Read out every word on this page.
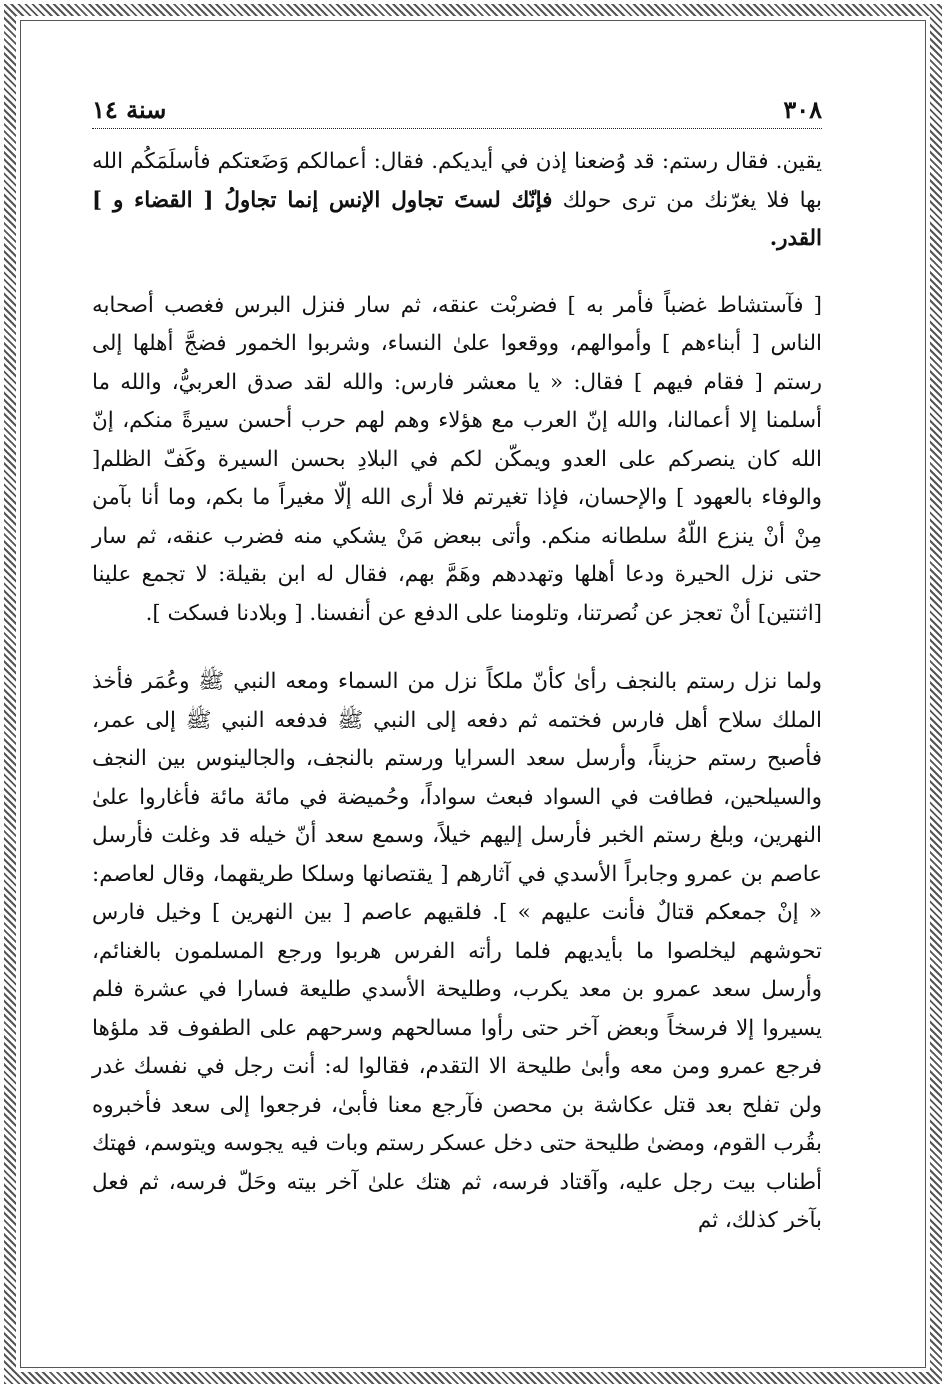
٣٠٨
سنة ١٤

يقين. فقال رستم: قد وُضعنا إذن في أيديكم. فقال: أعمالكم وَضَعتكم فأسلَمَكُم الله بها فلا يغرّنك من ترى حولك فإنّك لستَ تجاول الإنس إنما تجاولُ [ القضاء و ] القدر.

[ فآستشاط غضباً فأمر به ] فضربْت عنقه، ثم سار فنزل البرس فغصب أصحابه الناس [ أبناءهم ] وأموالهم، ووقعوا علىٰ النساء، وشربوا الخمور فضجَّ أهلها إلى رستم [ فقام فيهم ] فقال: « يا معشر فارس: والله لقد صدق العربيُّ، والله ما أسلمنا إلا أعمالنا، والله إنّ العرب مع هؤلاء وهم لهم حرب أحسن سيرةً منكم، إنّ الله كان ينصركم على العدو ويمكّن لكم في البلادِ بحسن السيرة وكَفّ الظلم[ والوفاء بالعهود ] والإحسان، فإذا تغيرتم فلا أرى الله إلّا مغيراً ما بكم، وما أنا بآمن مِنْ أنْ ينزع اللّهُ سلطانه منكم. وأتى ببعض مَنْ يشكي منه فضرب عنقه، ثم سار حتى نزل الحيرة ودعا أهلها وتهددهم وهَمَّ بهم، فقال له ابن بقيلة: لا تجمع علينا [اثنتين] أنْ تعجز عن نُصرتنا، وتلومنا على الدفع عن أنفسنا. [ وبلادنا فسكت ].

ولما نزل رستم بالنجف رأىٰ كأنّ ملكاً نزل من السماء ومعه النبي ﷺ وعُمَر فأخذ الملك سلاح أهل فارس فختمه ثم دفعه إلى النبي ﷺ فدفعه النبي ﷺ إلى عمر، فأصبح رستم حزيناً، وأرسل سعد السرايا ورستم بالنجف، والجالينوس بين النجف والسيلحين، فطافت في السواد فبعث سواداً، وحُميضة في مائة مائة فأغاروا علىٰ النهرين، وبلغ رستم الخبر فأرسل إليهم خيلاً، وسمع سعد أنّ خيله قد وغلت فأرسل عاصم بن عمرو وجابراً الأسدي في آثارهم [ يقتصانها وسلكا طريقهما، وقال لعاصم: « إنْ جمعكم قتالٌ فأنت عليهم » ]. فلقيهم عاصم [ بين النهرين ] وخيل فارس تحوشهم ليخلصوا ما بأيديهم فلما رأته الفرس هربوا ورجع المسلمون بالغنائم، وأرسل سعد عمرو بن معد يكرب، وطليحة الأسدي طليعة فسارا في عشرة فلم يسيروا إلا فرسخاً وبعض آخر حتى رأوا مسالحهم وسرحهم على الطفوف قد ملؤها فرجع عمرو ومن معه وأبىٰ طليحة الا التقدم، فقالوا له: أنت رجل في نفسك غدر ولن تفلح بعد قتل عكاشة بن محصن فآرجع معنا فأبىٰ، فرجعوا إلى سعد فأخبروه بقُرب القوم، ومضىٰ طليحة حتى دخل عسكر رستم وبات فيه يجوسه ويتوسم، فهتك أطناب بيت رجل عليه، وآقتاد فرسه، ثم هتك علىٰ آخر بيته وحَلّ فرسه، ثم فعل بآخر كذلك، ثم
